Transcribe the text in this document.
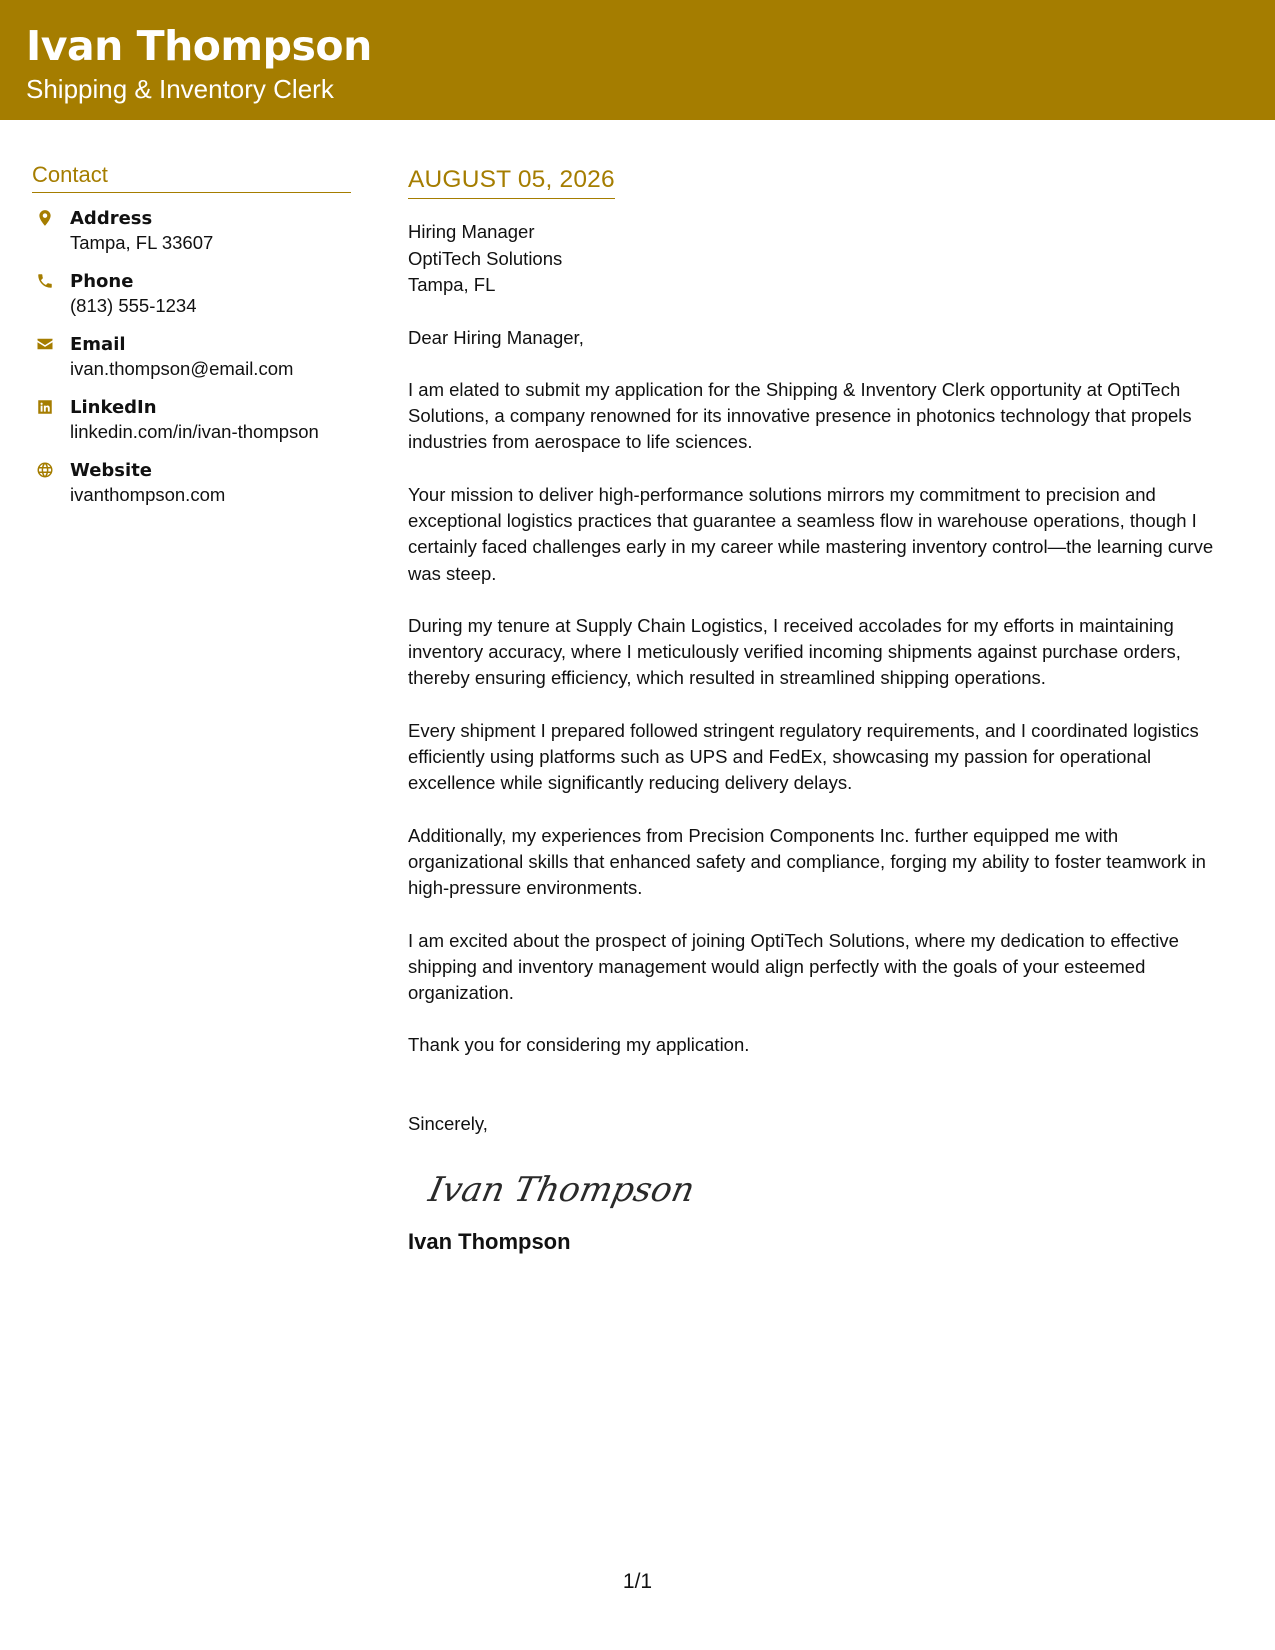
Ivan Thompson
Shipping & Inventory Clerk
Contact
Address
Tampa, FL 33607
Phone
(813) 555-1234
Email
ivan.thompson@email.com
LinkedIn
linkedin.com/in/ivan-thompson
Website
ivanthompson.com
AUGUST 05, 2026
Hiring Manager
OptiTech Solutions
Tampa, FL
Dear Hiring Manager,
I am elated to submit my application for the Shipping & Inventory Clerk opportunity at OptiTech Solutions, a company renowned for its innovative presence in photonics technology that propels industries from aerospace to life sciences.
Your mission to deliver high-performance solutions mirrors my commitment to precision and exceptional logistics practices that guarantee a seamless flow in warehouse operations, though I certainly faced challenges early in my career while mastering inventory control—the learning curve was steep.
During my tenure at Supply Chain Logistics, I received accolades for my efforts in maintaining inventory accuracy, where I meticulously verified incoming shipments against purchase orders, thereby ensuring efficiency, which resulted in streamlined shipping operations.
Every shipment I prepared followed stringent regulatory requirements, and I coordinated logistics efficiently using platforms such as UPS and FedEx, showcasing my passion for operational excellence while significantly reducing delivery delays.
Additionally, my experiences from Precision Components Inc. further equipped me with organizational skills that enhanced safety and compliance, forging my ability to foster teamwork in high-pressure environments.
I am excited about the prospect of joining OptiTech Solutions, where my dedication to effective shipping and inventory management would align perfectly with the goals of your esteemed organization.
Thank you for considering my application.
Sincerely,
Ivan Thompson
Ivan Thompson
1/1
